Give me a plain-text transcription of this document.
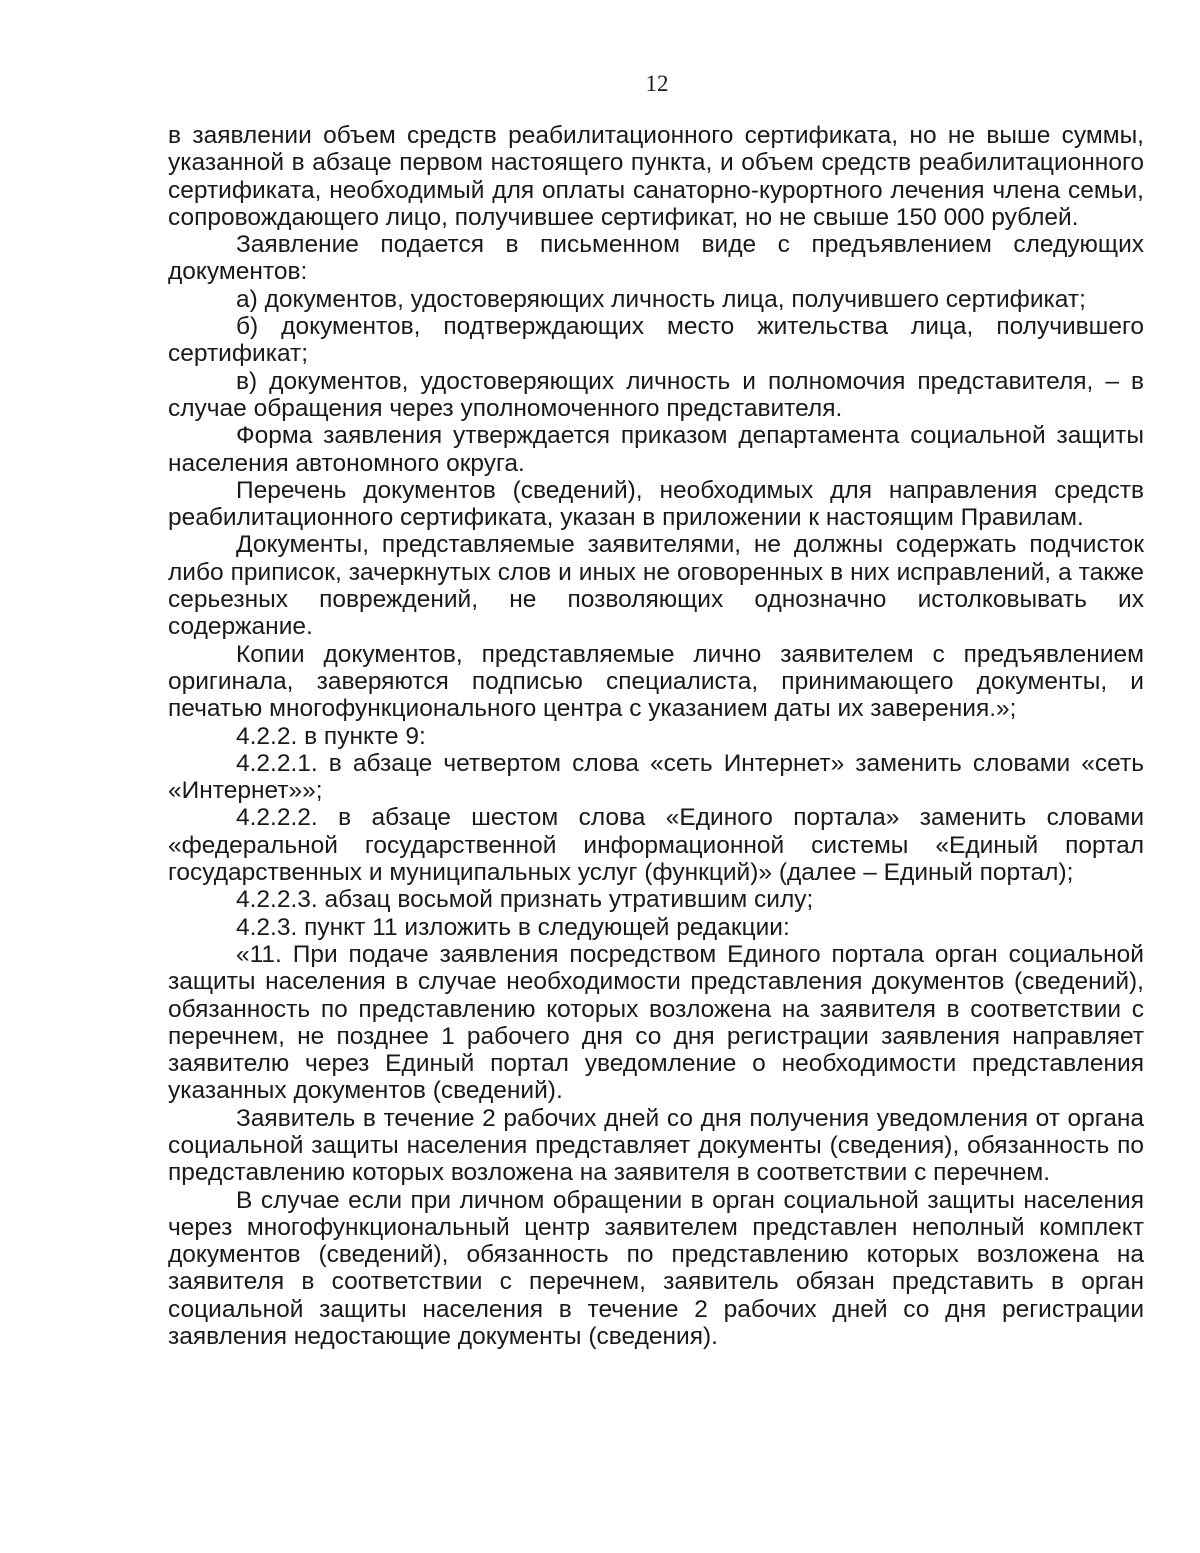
12

в заявлении объем средств реабилитационного сертификата, но не выше суммы, указанной в абзаце первом настоящего пункта, и объем средств реабилитационного сертификата, необходимый для оплаты санаторно-курортного лечения члена семьи, сопровождающего лицо, получившее сертификат, но не свыше 150 000 рублей.

Заявление подается в письменном виде с предъявлением следующих документов:

а) документов, удостоверяющих личность лица, получившего сертификат;

б) документов, подтверждающих место жительства лица, получившего сертификат;

в) документов, удостоверяющих личность и полномочия представителя, – в случае обращения через уполномоченного представителя.

Форма заявления утверждается приказом департамента социальной защиты населения автономного округа.

Перечень документов (сведений), необходимых для направления средств реабилитационного сертификата, указан в приложении к настоящим Правилам.

Документы, представляемые заявителями, не должны содержать подчисток либо приписок, зачеркнутых слов и иных не оговоренных в них исправлений, а также серьезных повреждений, не позволяющих однозначно истолковывать их содержание.

Копии документов, представляемые лично заявителем с предъявлением оригинала, заверяются подписью специалиста, принимающего документы, и печатью многофункционального центра с указанием даты их заверения.»;

4.2.2. в пункте 9:

4.2.2.1. в абзаце четвертом слова «сеть Интернет» заменить словами «сеть
«Интернет»»;

4.2.2.2. в абзаце шестом слова «Единого портала» заменить словами «федеральной государственной информационной системы «Единый портал государственных и муниципальных услуг (функций)» (далее – Единый портал);

4.2.2.3. абзац восьмой признать утратившим силу;

4.2.3. пункт 11 изложить в следующей редакции:

«11. При подаче заявления посредством Единого портала орган социальной
защиты населения в случае необходимости представления документов (сведений), обязанность по представлению которых возложена на заявителя в соответствии с перечнем, не позднее 1 рабочего дня со дня регистрации заявления направляет заявителю через Единый портал уведомление о необходимости представления указанных документов (сведений).

Заявитель в течение 2 рабочих дней со дня получения уведомления от органа социальной защиты населения представляет документы (сведения), обязанность по представлению которых возложена на заявителя в соответствии с перечнем.

В случае если при личном обращении в орган социальной защиты населения через многофункциональный центр заявителем представлен неполный комплект документов (сведений), обязанность по представлению которых возложена на заявителя в соответствии с перечнем, заявитель обязан представить в орган социальной защиты населения в течение 2 рабочих дней со дня регистрации заявления недостающие документы (сведения).
